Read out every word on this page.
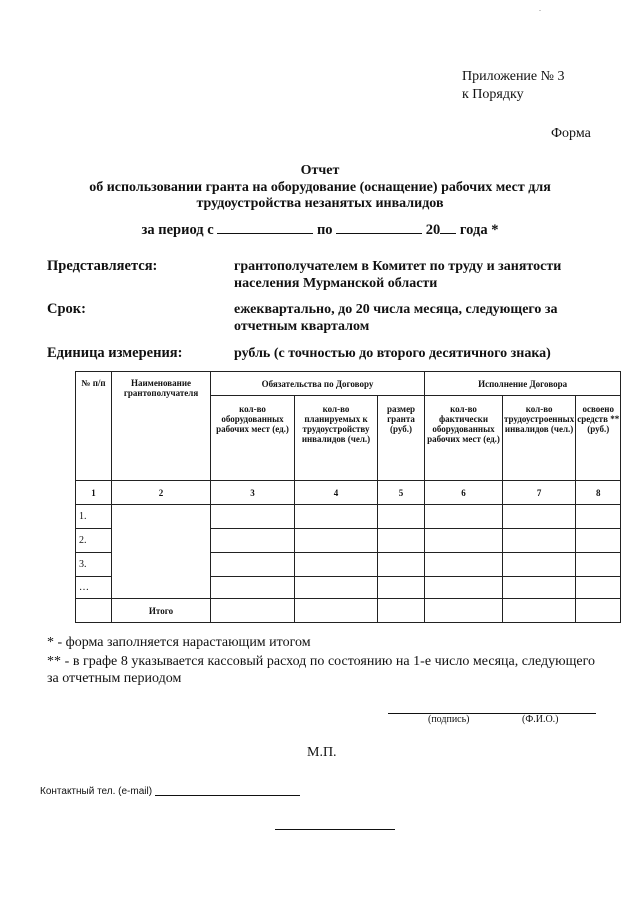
.
Приложение № 3
к Порядку
Форма
Отчет
об использовании гранта на оборудование (оснащение) рабочих мест для
трудоустройства незанятых инвалидов
за период с	по	20 года *
Представляется:	грантополучателем в Комитет по труду и занятости
населения Мурманской области
Срок:	ежеквартально, до 20 числа месяца, следующего за
отчетным кварталом
Единица измерения:	рубль (с точностью до второго десятичного знака)
№ п/п	Наименование грантополучателя	Обязательства по Договору			Исполнение Договора		
		кол-во оборудованных рабочих мест (ед.)	кол-во планируемых к трудоустройству инвалидов (чел.)	размер гранта (руб.)	кол-во фактически оборудованных рабочих мест (ед.)	кол-во трудоустроенных инвалидов (чел.)	освоено средств ** (руб.)
1	2	3	4	5	6	7	8
1.							
2.							
3.							
…							
	Итого						
* - форма заполняется нарастающим итогом
** - в графе 8 указывается кассовый расход по состоянию на 1-е число месяца, следующего за отчетным периодом
(подпись)	(Ф.И.О.)
М.П.
Контактный тел. (e-mail)
